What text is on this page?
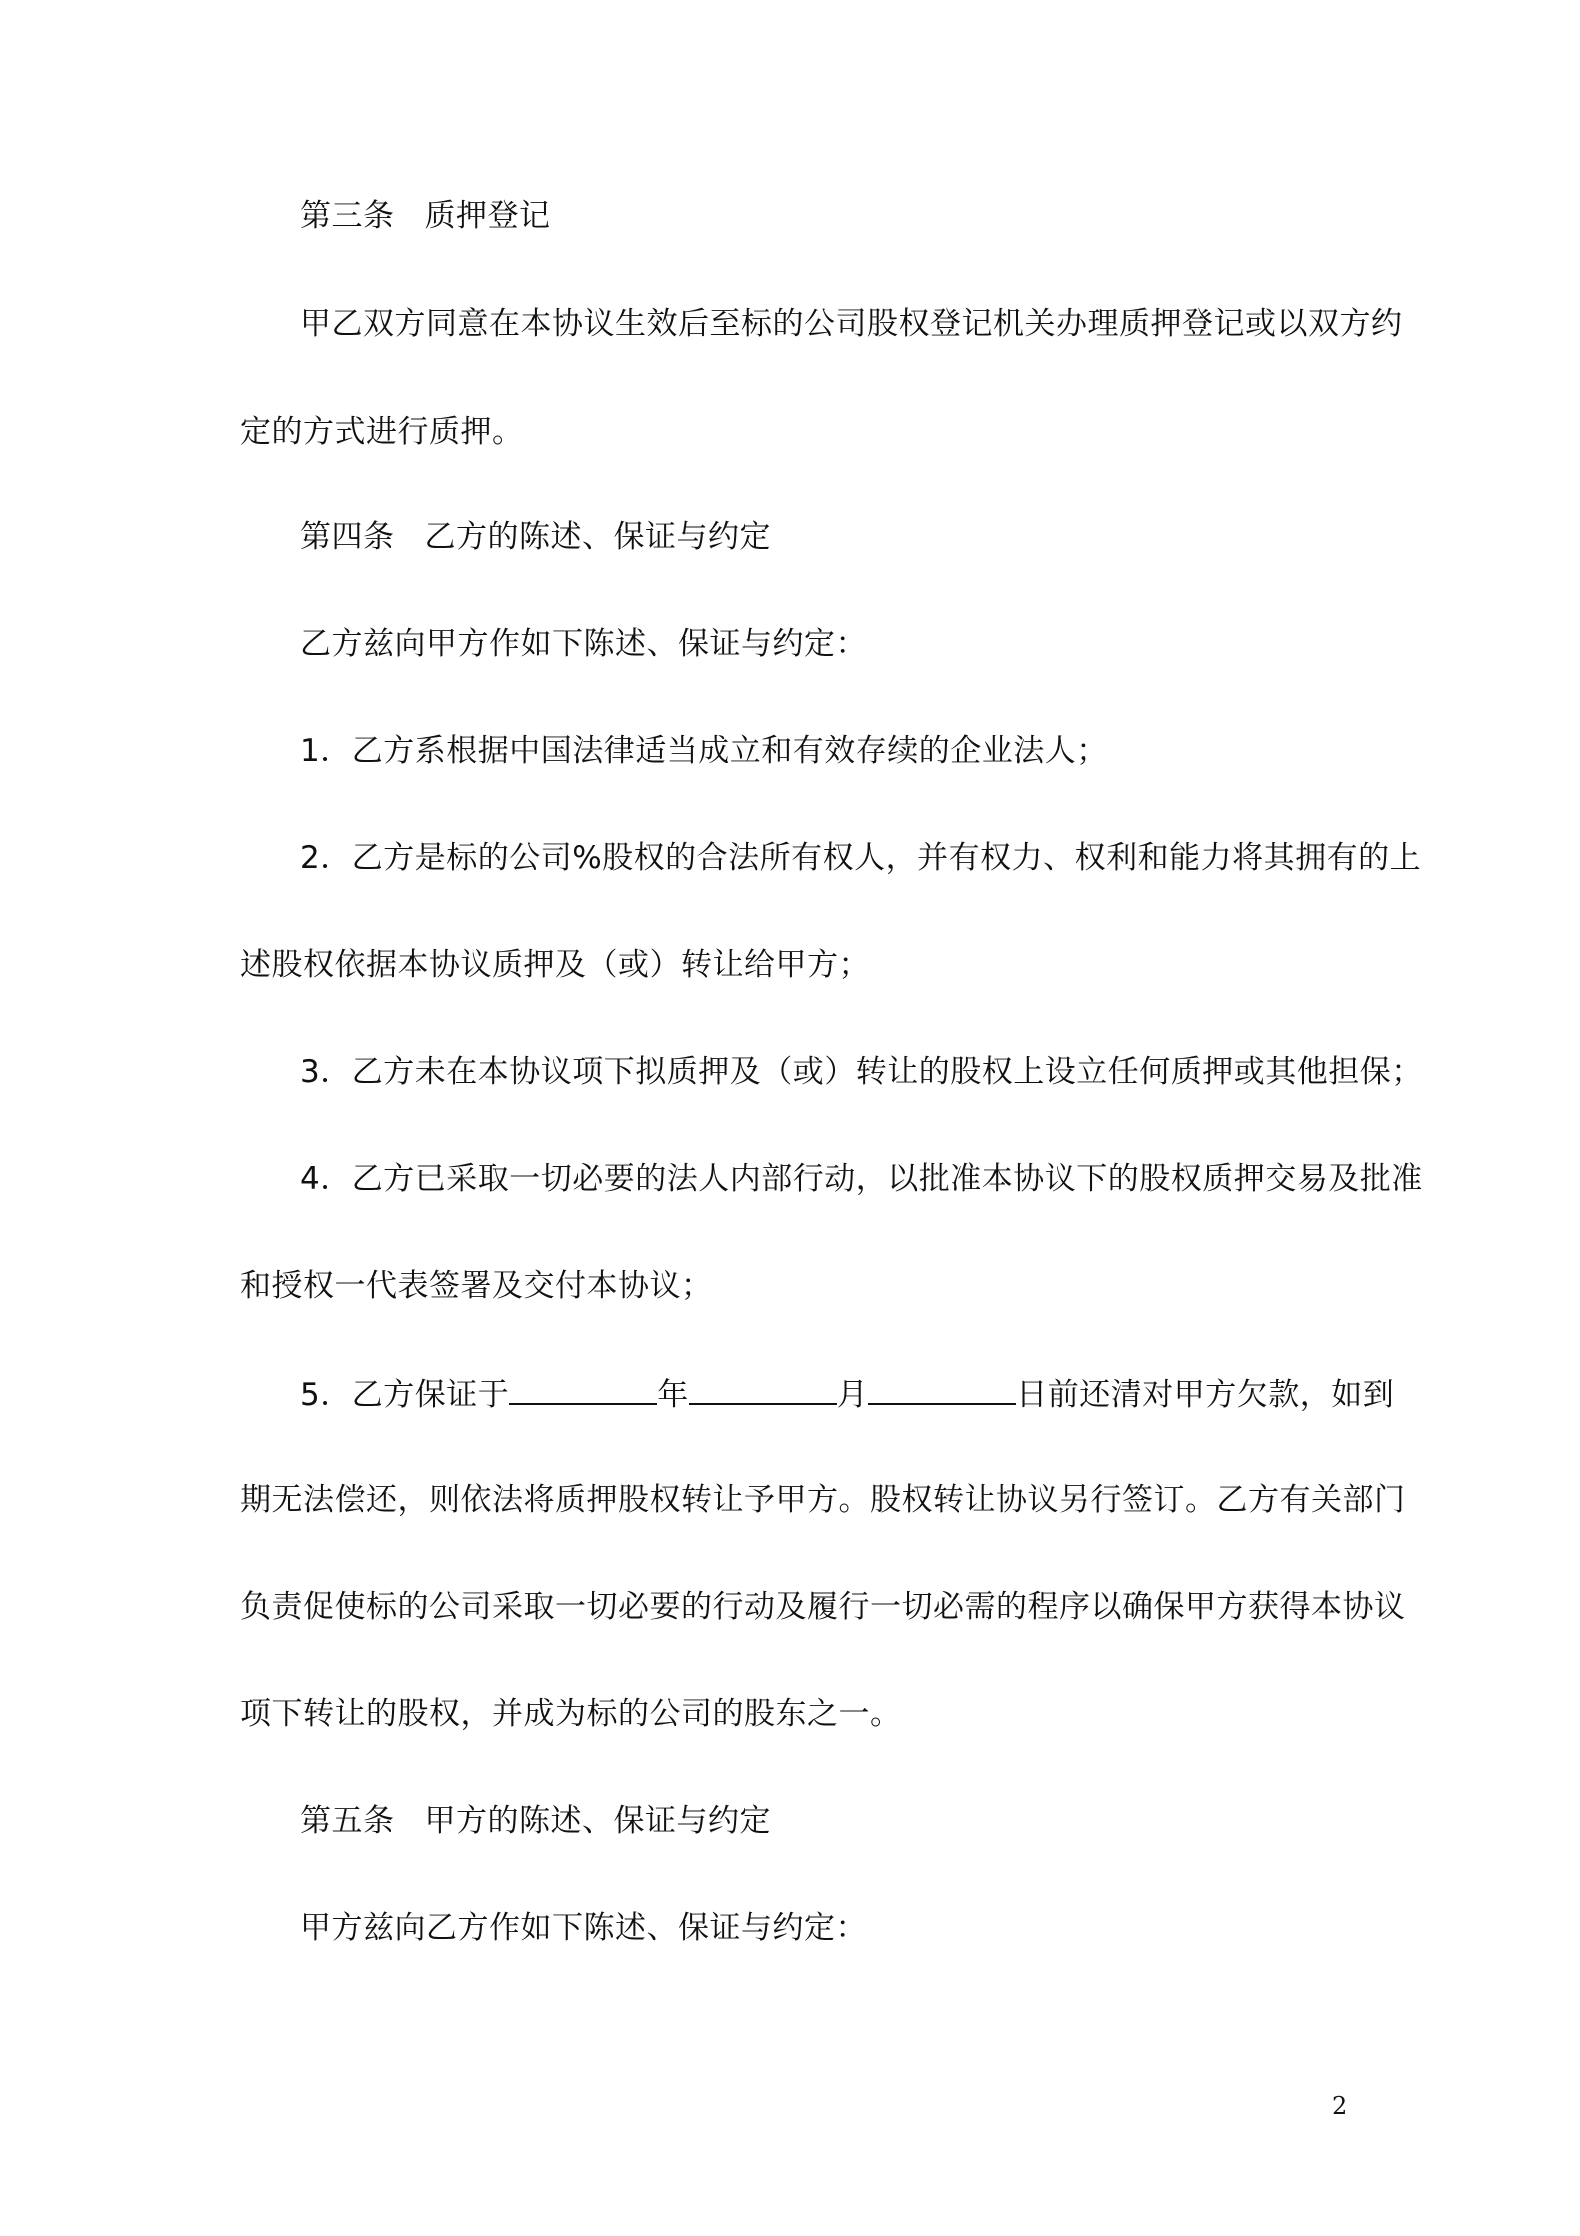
第三条 质押登记
甲乙双方同意在本协议生效后至标的公司股权登记机关办理质押登记或以双方约
定的方式进行质押。
第四条 乙方的陈述、保证与约定
乙方兹向甲方作如下陈述、保证与约定：
1．乙方系根据中国法律适当成立和有效存续的企业法人；
2．乙方是标的公司%股权的合法所有权人，并有权力、权利和能力将其拥有的上
述股权依据本协议质押及（或）转让给甲方；
3．乙方未在本协议项下拟质押及（或）转让的股权上设立任何质押或其他担保；
4．乙方已采取一切必要的法人内部行动，以批准本协议下的股权质押交易及批准
和授权一代表签署及交付本协议；
5．乙方保证于	年	月	日前还清对甲方欠款，如到
期无法偿还，则依法将质押股权转让予甲方。股权转让协议另行签订。乙方有关部门
负责促使标的公司采取一切必要的行动及履行一切必需的程序以确保甲方获得本协议
项下转让的股权，并成为标的公司的股东之一。
第五条 甲方的陈述、保证与约定
甲方兹向乙方作如下陈述、保证与约定：
2
